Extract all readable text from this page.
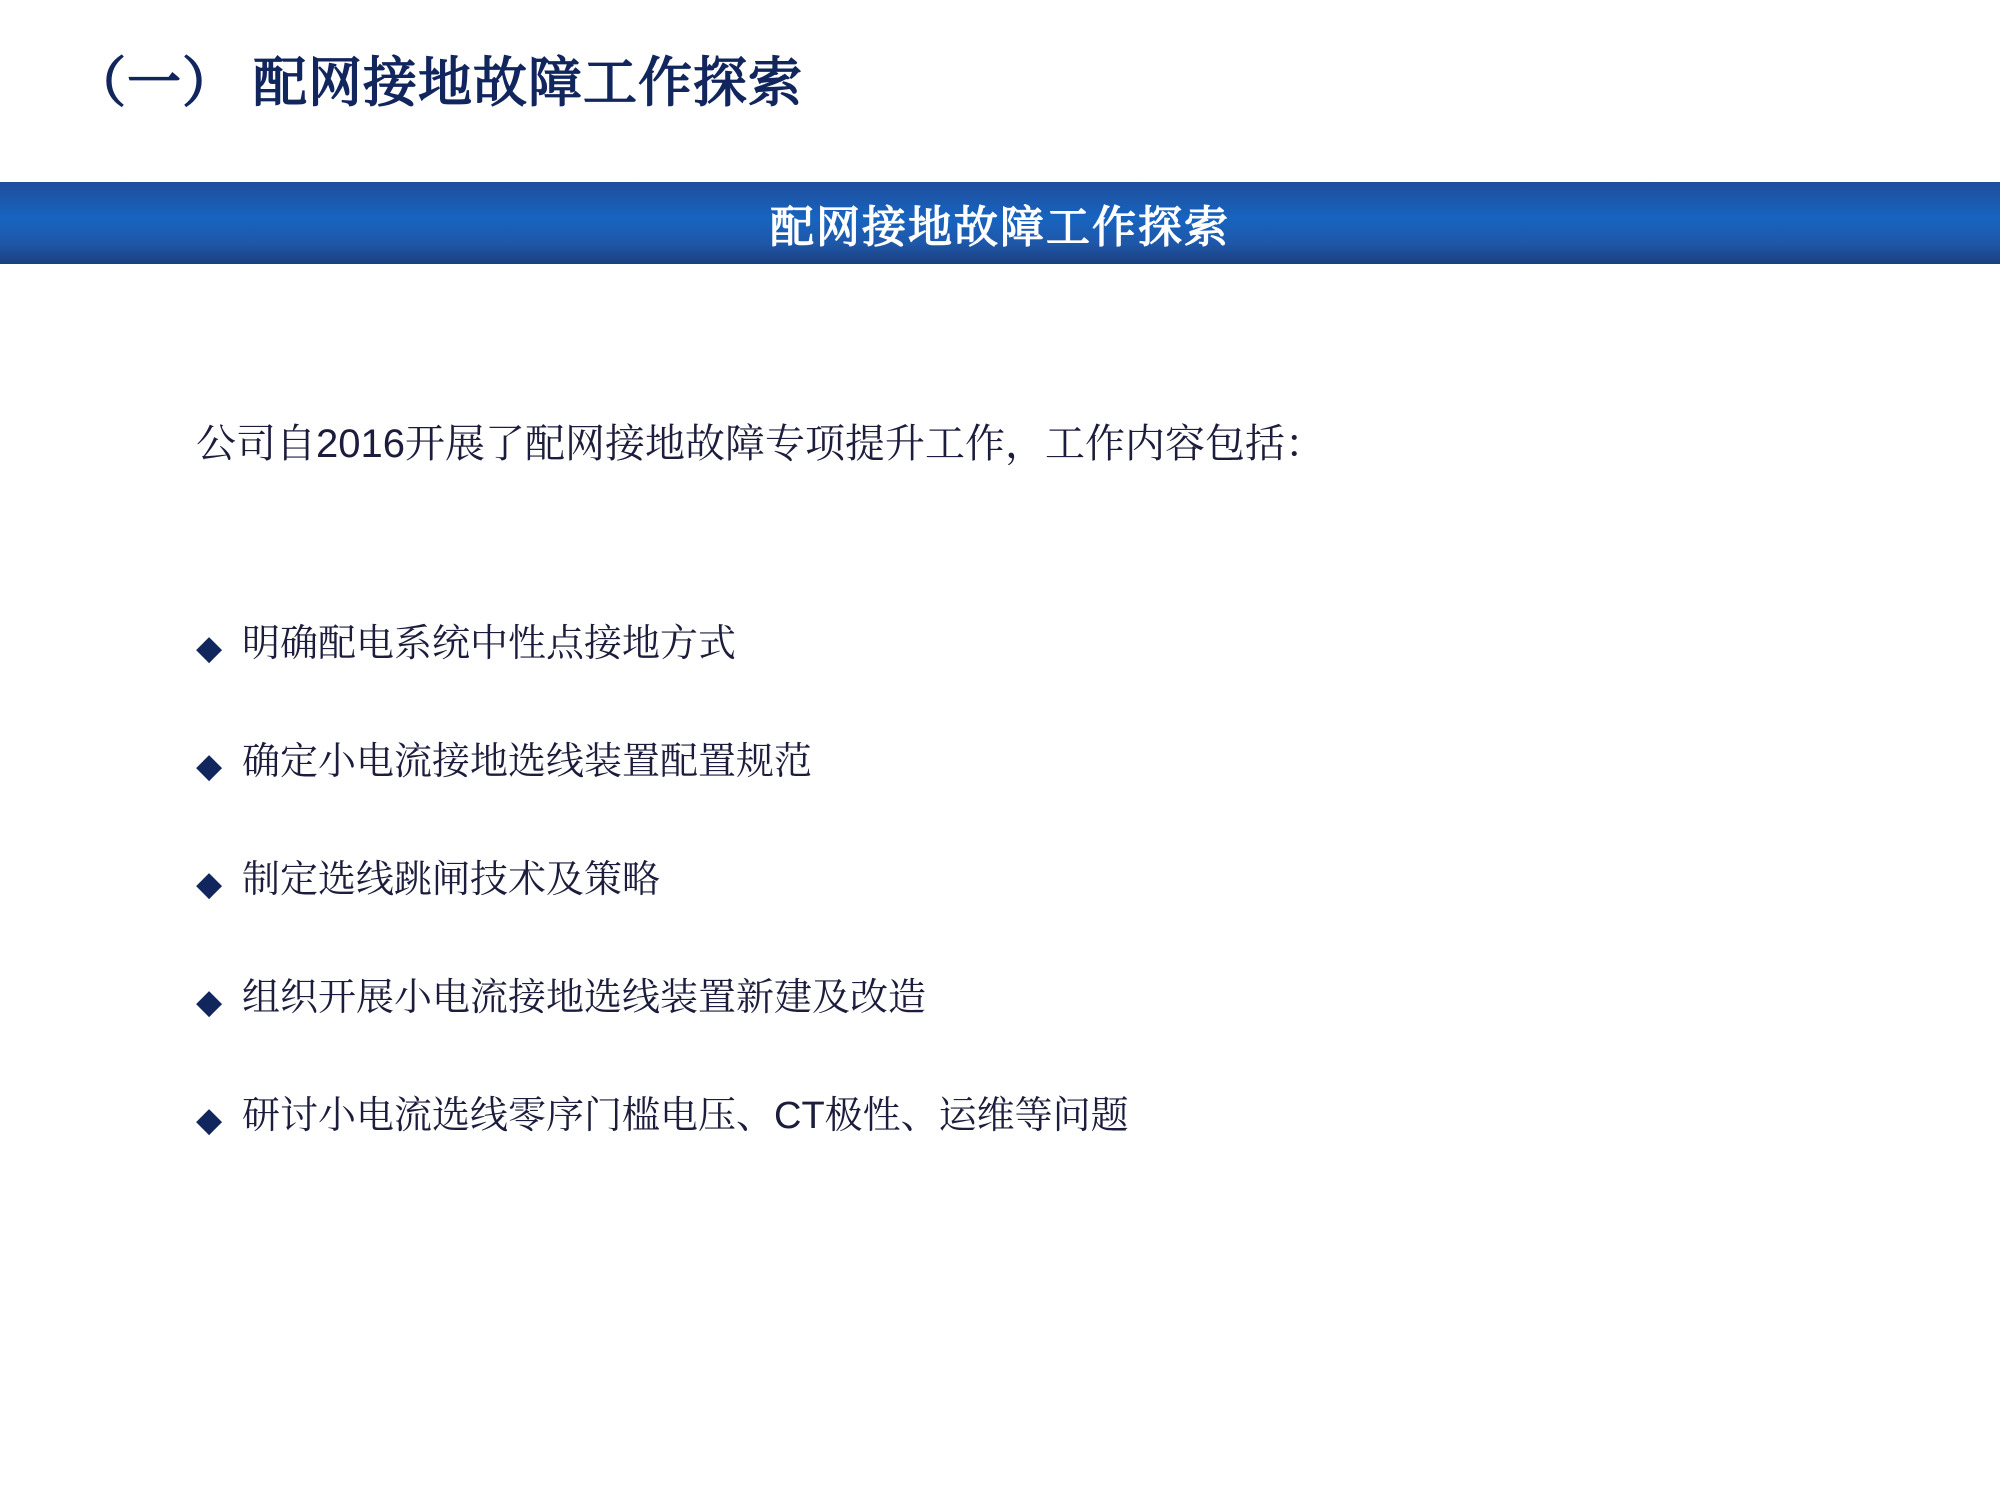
（一） 配网接地故障工作探索
配网接地故障工作探索
公司自2016开展了配网接地故障专项提升工作，工作内容包括：
◆ 明确配电系统中性点接地方式
◆ 确定小电流接地选线装置配置规范
◆ 制定选线跳闸技术及策略
◆ 组织开展小电流接地选线装置新建及改造
◆ 研讨小电流选线零序门槛电压、CT极性、运维等问题
